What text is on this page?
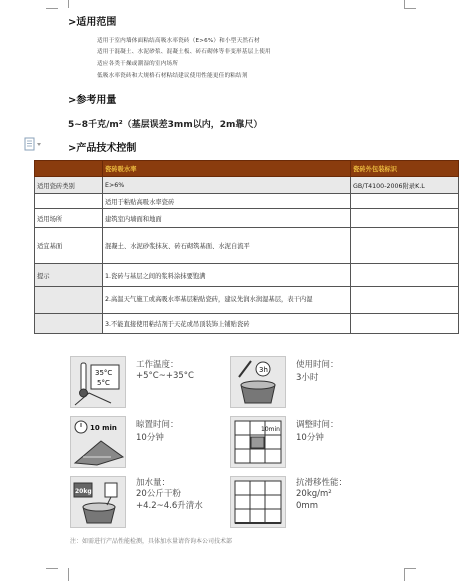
>适用范围
适用于室内墙体面粘结高吸水率瓷砖（E>6%）和小型天然石材
适用于混凝土、水泥砂浆、混凝土板、砖石砌体等非变形基层上使用
适应各类干燥或潮湿的室内场所
低吸水率瓷砖和大规格石材粘结建议使用性能更佳的粘结剂
>参考用量
5~8千克/m²（基层误差3mm以内，2m靠尺）
>产品技术控制
	瓷砖吸水率	瓷砖外包装标识
适用瓷砖类别	E>6%	GB/T4100-2006附录K.L
	适用于粘贴高吸水率瓷砖	
适用场所	建筑室内墙面和地面	
适宜基面	混凝土、水泥砂浆抹灰、砖石砌筑基面、水泥自流平	
提示	1.瓷砖与基层之间的浆料涂抹要饱满	
	2.高温天气施工或高吸水率基层粘贴瓷砖，建议先润水润湿基层，表干内湿	
	3.不能直接使用粘结剂于天花或吊顶装饰上铺贴瓷砖	
35°C
5°C
工作温度：
+5°C~+35°C
3h	使用时间：
3小时
10 min 晾置时间：
10分钟
10min 调整时间：
10分钟
20kg
加水量：
20公斤干粉 +4.2~4.6升清水
抗滑移性能：
20kg/m² 0mm
注：如需进行产品性能检测，具体加水量请咨询本公司技术部
